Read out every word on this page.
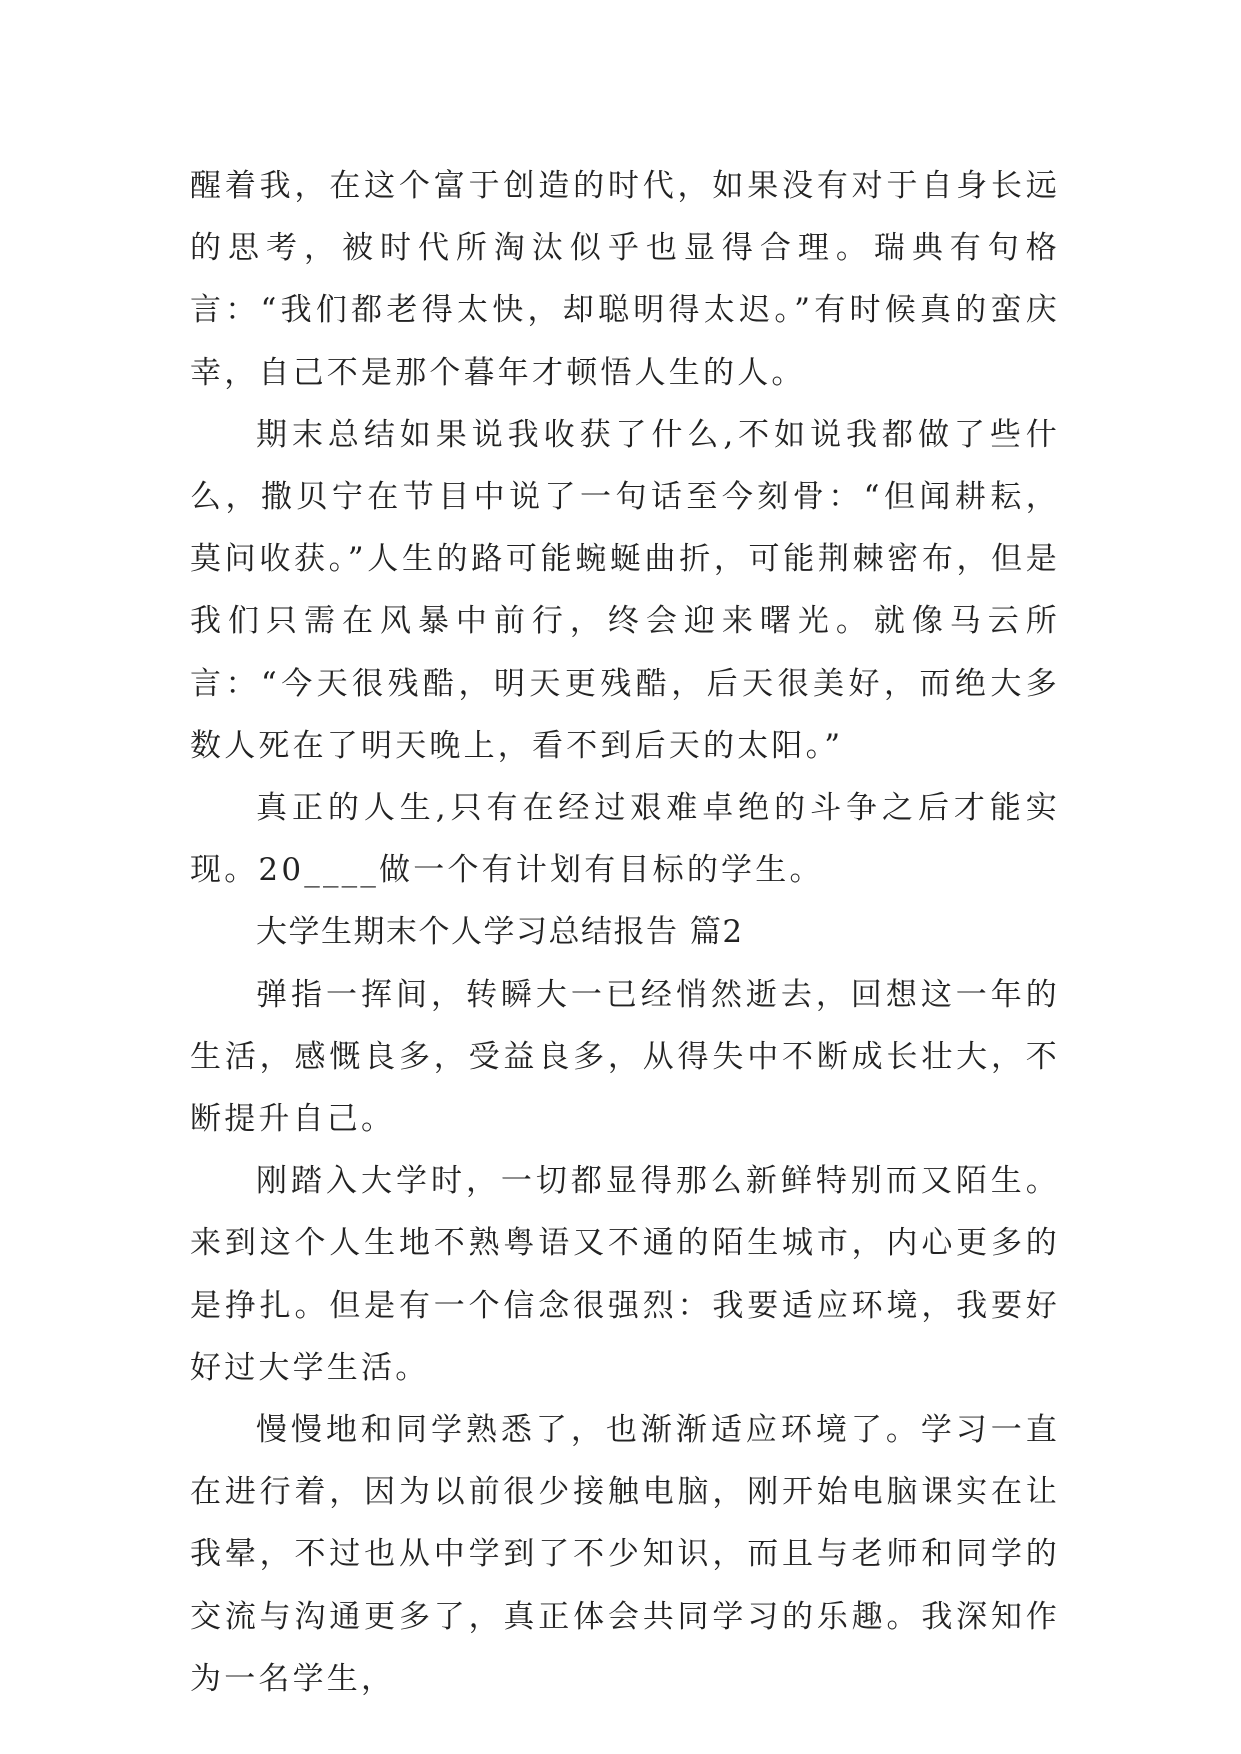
醒着我，在这个富于创造的时代，如果没有对于自身长远的思考，被时代所淘汰似乎也显得合理。瑞典有句格言：“我们都老得太快，却聪明得太迟。”有时候真的蛮庆幸，自己不是那个暮年才顿悟人生的人。

期末总结如果说我收获了什么,不如说我都做了些什么，撒贝宁在节目中说了一句话至今刻骨：“但闻耕耘，莫问收获。”人生的路可能蜿蜒曲折，可能荆棘密布，但是我们只需在风暴中前行，终会迎来曙光。就像马云所言：“今天很残酷，明天更残酷，后天很美好，而绝大多数人死在了明天晚上，看不到后天的太阳。”

真正的人生,只有在经过艰难卓绝的斗争之后才能实现。20____做一个有计划有目标的学生。

大学生期末个人学习总结报告 篇2

弹指一挥间，转瞬大一已经悄然逝去，回想这一年的生活，感慨良多，受益良多，从得失中不断成长壮大，不断提升自己。

刚踏入大学时，一切都显得那么新鲜特别而又陌生。来到这个人生地不熟粤语又不通的陌生城市，内心更多的是挣扎。但是有一个信念很强烈：我要适应环境，我要好好过大学生活。

慢慢地和同学熟悉了，也渐渐适应环境了。学习一直在进行着，因为以前很少接触电脑，刚开始电脑课实在让我晕，不过也从中学到了不少知识，而且与老师和同学的交流与沟通更多了，真正体会共同学习的乐趣。我深知作为一名学生，
